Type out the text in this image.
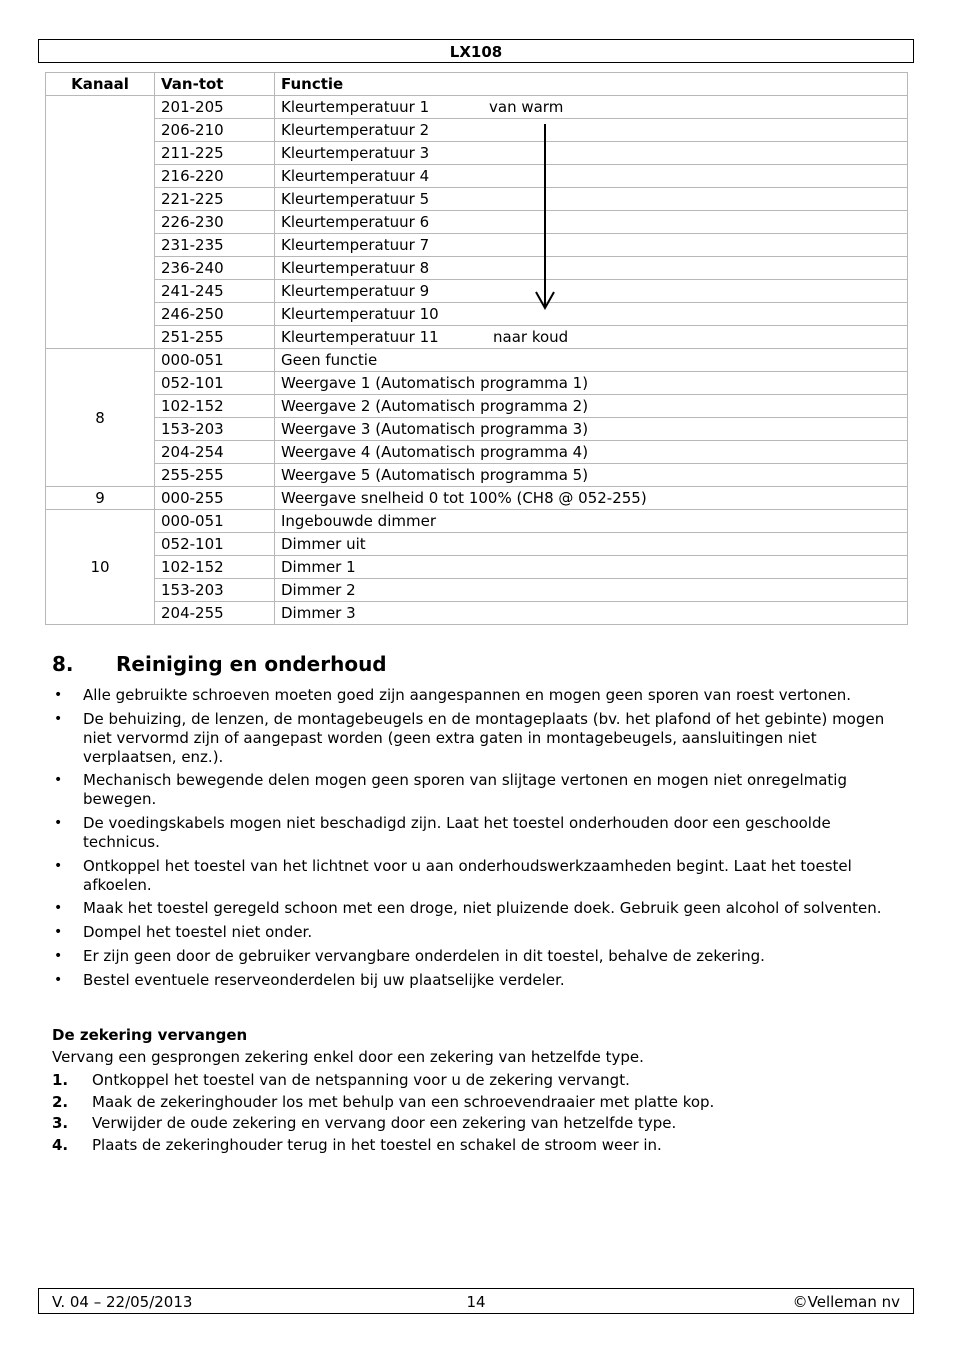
LX108
Kanaal	Van-tot	Functie
	201-205	Kleurtemperatuur 1 van warm

	206-210	Kleurtemperatuur 2
	211-225	Kleurtemperatuur 3
	216-220	Kleurtemperatuur 4
	221-225	Kleurtemperatuur 5
	226-230	Kleurtemperatuur 6
	231-235	Kleurtemperatuur 7
	236-240	Kleurtemperatuur 8
	241-245	Kleurtemperatuur 9
	246-250	Kleurtemperatuur 10
	251-255	Kleurtemperatuur 11 naar koud

8	000-051	Geen functie
	052-101	Weergave 1 (Automatisch programma 1)
	102-152	Weergave 2 (Automatisch programma 2)
	153-203	Weergave 3 (Automatisch programma 3)
	204-254	Weergave 4 (Automatisch programma 4)
	255-255	Weergave 5 (Automatisch programma 5)
9	000-255	Weergave snelheid 0 tot 100% (CH8 @ 052-255)
10	000-051	Ingebouwde dimmer
	052-101	Dimmer uit
	102-152	Dimmer 1
	153-203	Dimmer 2
	204-255	Dimmer 3
8. Reiniging en onderhoud
• Alle gebruikte schroeven moeten goed zijn aangespannen en mogen geen sporen van roest vertonen.
• De behuizing, de lenzen, de montagebeugels en de montageplaats (bv. het plafond of het gebinte) mogen niet vervormd zijn of aangepast worden (geen extra gaten in montagebeugels, aansluitingen niet verplaatsen, enz.).
• Mechanisch bewegende delen mogen geen sporen van slijtage vertonen en mogen niet onregelmatig bewegen.
• De voedingskabels mogen niet beschadigd zijn. Laat het toestel onderhouden door een geschoolde technicus.
• Ontkoppel het toestel van het lichtnet voor u aan onderhoudswerkzaamheden begint. Laat het toestel afkoelen.
• Maak het toestel geregeld schoon met een droge, niet pluizende doek. Gebruik geen alcohol of solventen.
• Dompel het toestel niet onder.
• Er zijn geen door de gebruiker vervangbare onderdelen in dit toestel, behalve de zekering.
• Bestel eventuele reserveonderdelen bij uw plaatselijke verdeler.
De zekering vervangen
Vervang een gesprongen zekering enkel door een zekering van hetzelfde type.
1. Ontkoppel het toestel van de netspanning voor u de zekering vervangt.
2. Maak de zekeringhouder los met behulp van een schroevendraaier met platte kop.
3. Verwijder de oude zekering en vervang door een zekering van hetzelfde type.
4. Plaats de zekeringhouder terug in het toestel en schakel de stroom weer in.
V. 04 – 22/05/2013	14	©Velleman nv
